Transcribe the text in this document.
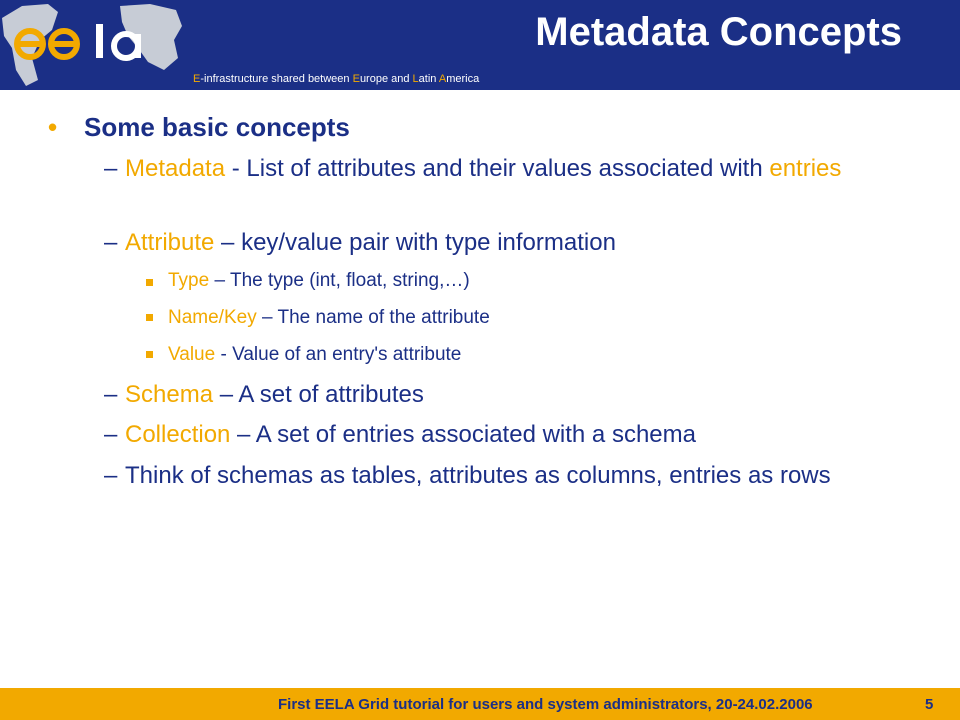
E-infrastructure shared between Europe and Latin America
Metadata Concepts
• Some basic concepts
– Metadata - List of attributes and their values associated with entries
– Attribute – key/value pair with type information
Type – The type (int, float, string,…)
Name/Key – The name of the attribute
Value - Value of an entry's attribute
– Schema – A set of attributes
– Collection – A set of entries associated with a schema
– Think of schemas as tables, attributes as columns, entries as rows
First EELA Grid tutorial for users and system administrators, 20-24.02.2006	5
